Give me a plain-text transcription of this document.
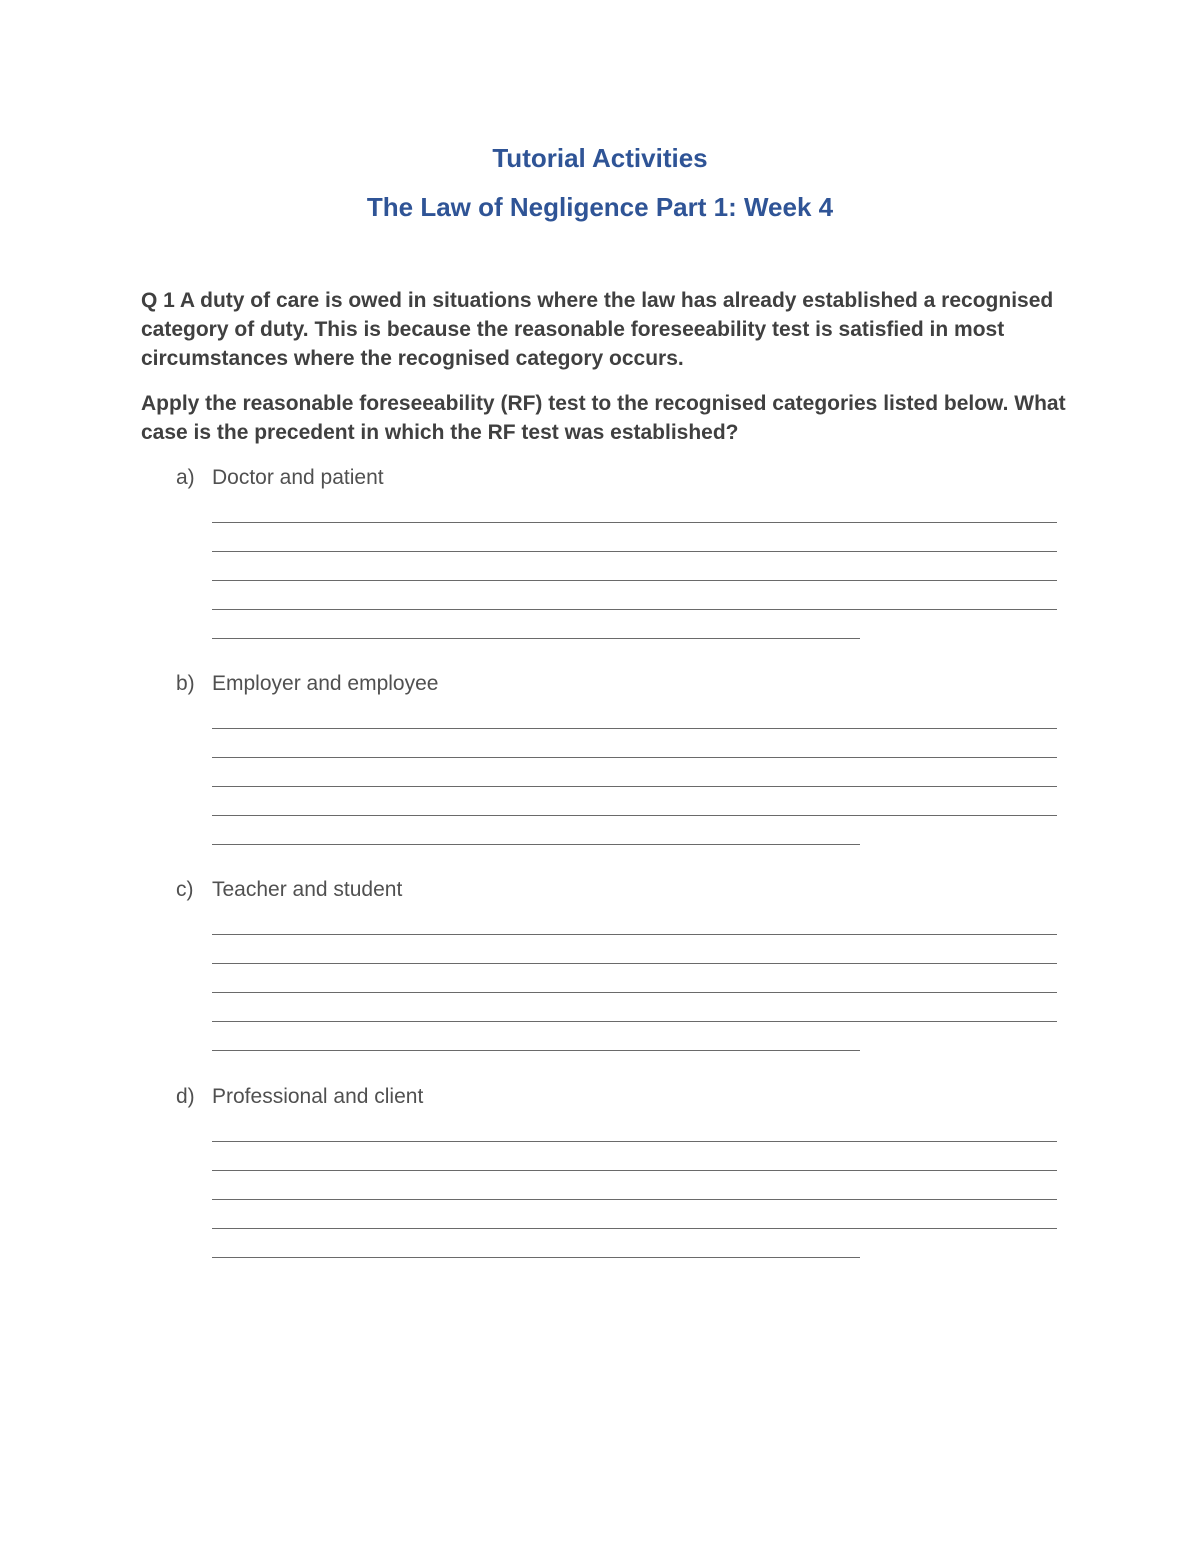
Tutorial Activities
The Law of Negligence Part 1: Week 4

Q 1 A duty of care is owed in situations where the law has already established a recognised category of duty. This is because the reasonable foreseeability test is satisfied in most circumstances where the recognised category occurs.

Apply the reasonable foreseeability (RF) test to the recognised categories listed below. What case is the precedent in which the RF test was established?

a) Doctor and patient
b) Employer and employee
c) Teacher and student
d) Professional and client
